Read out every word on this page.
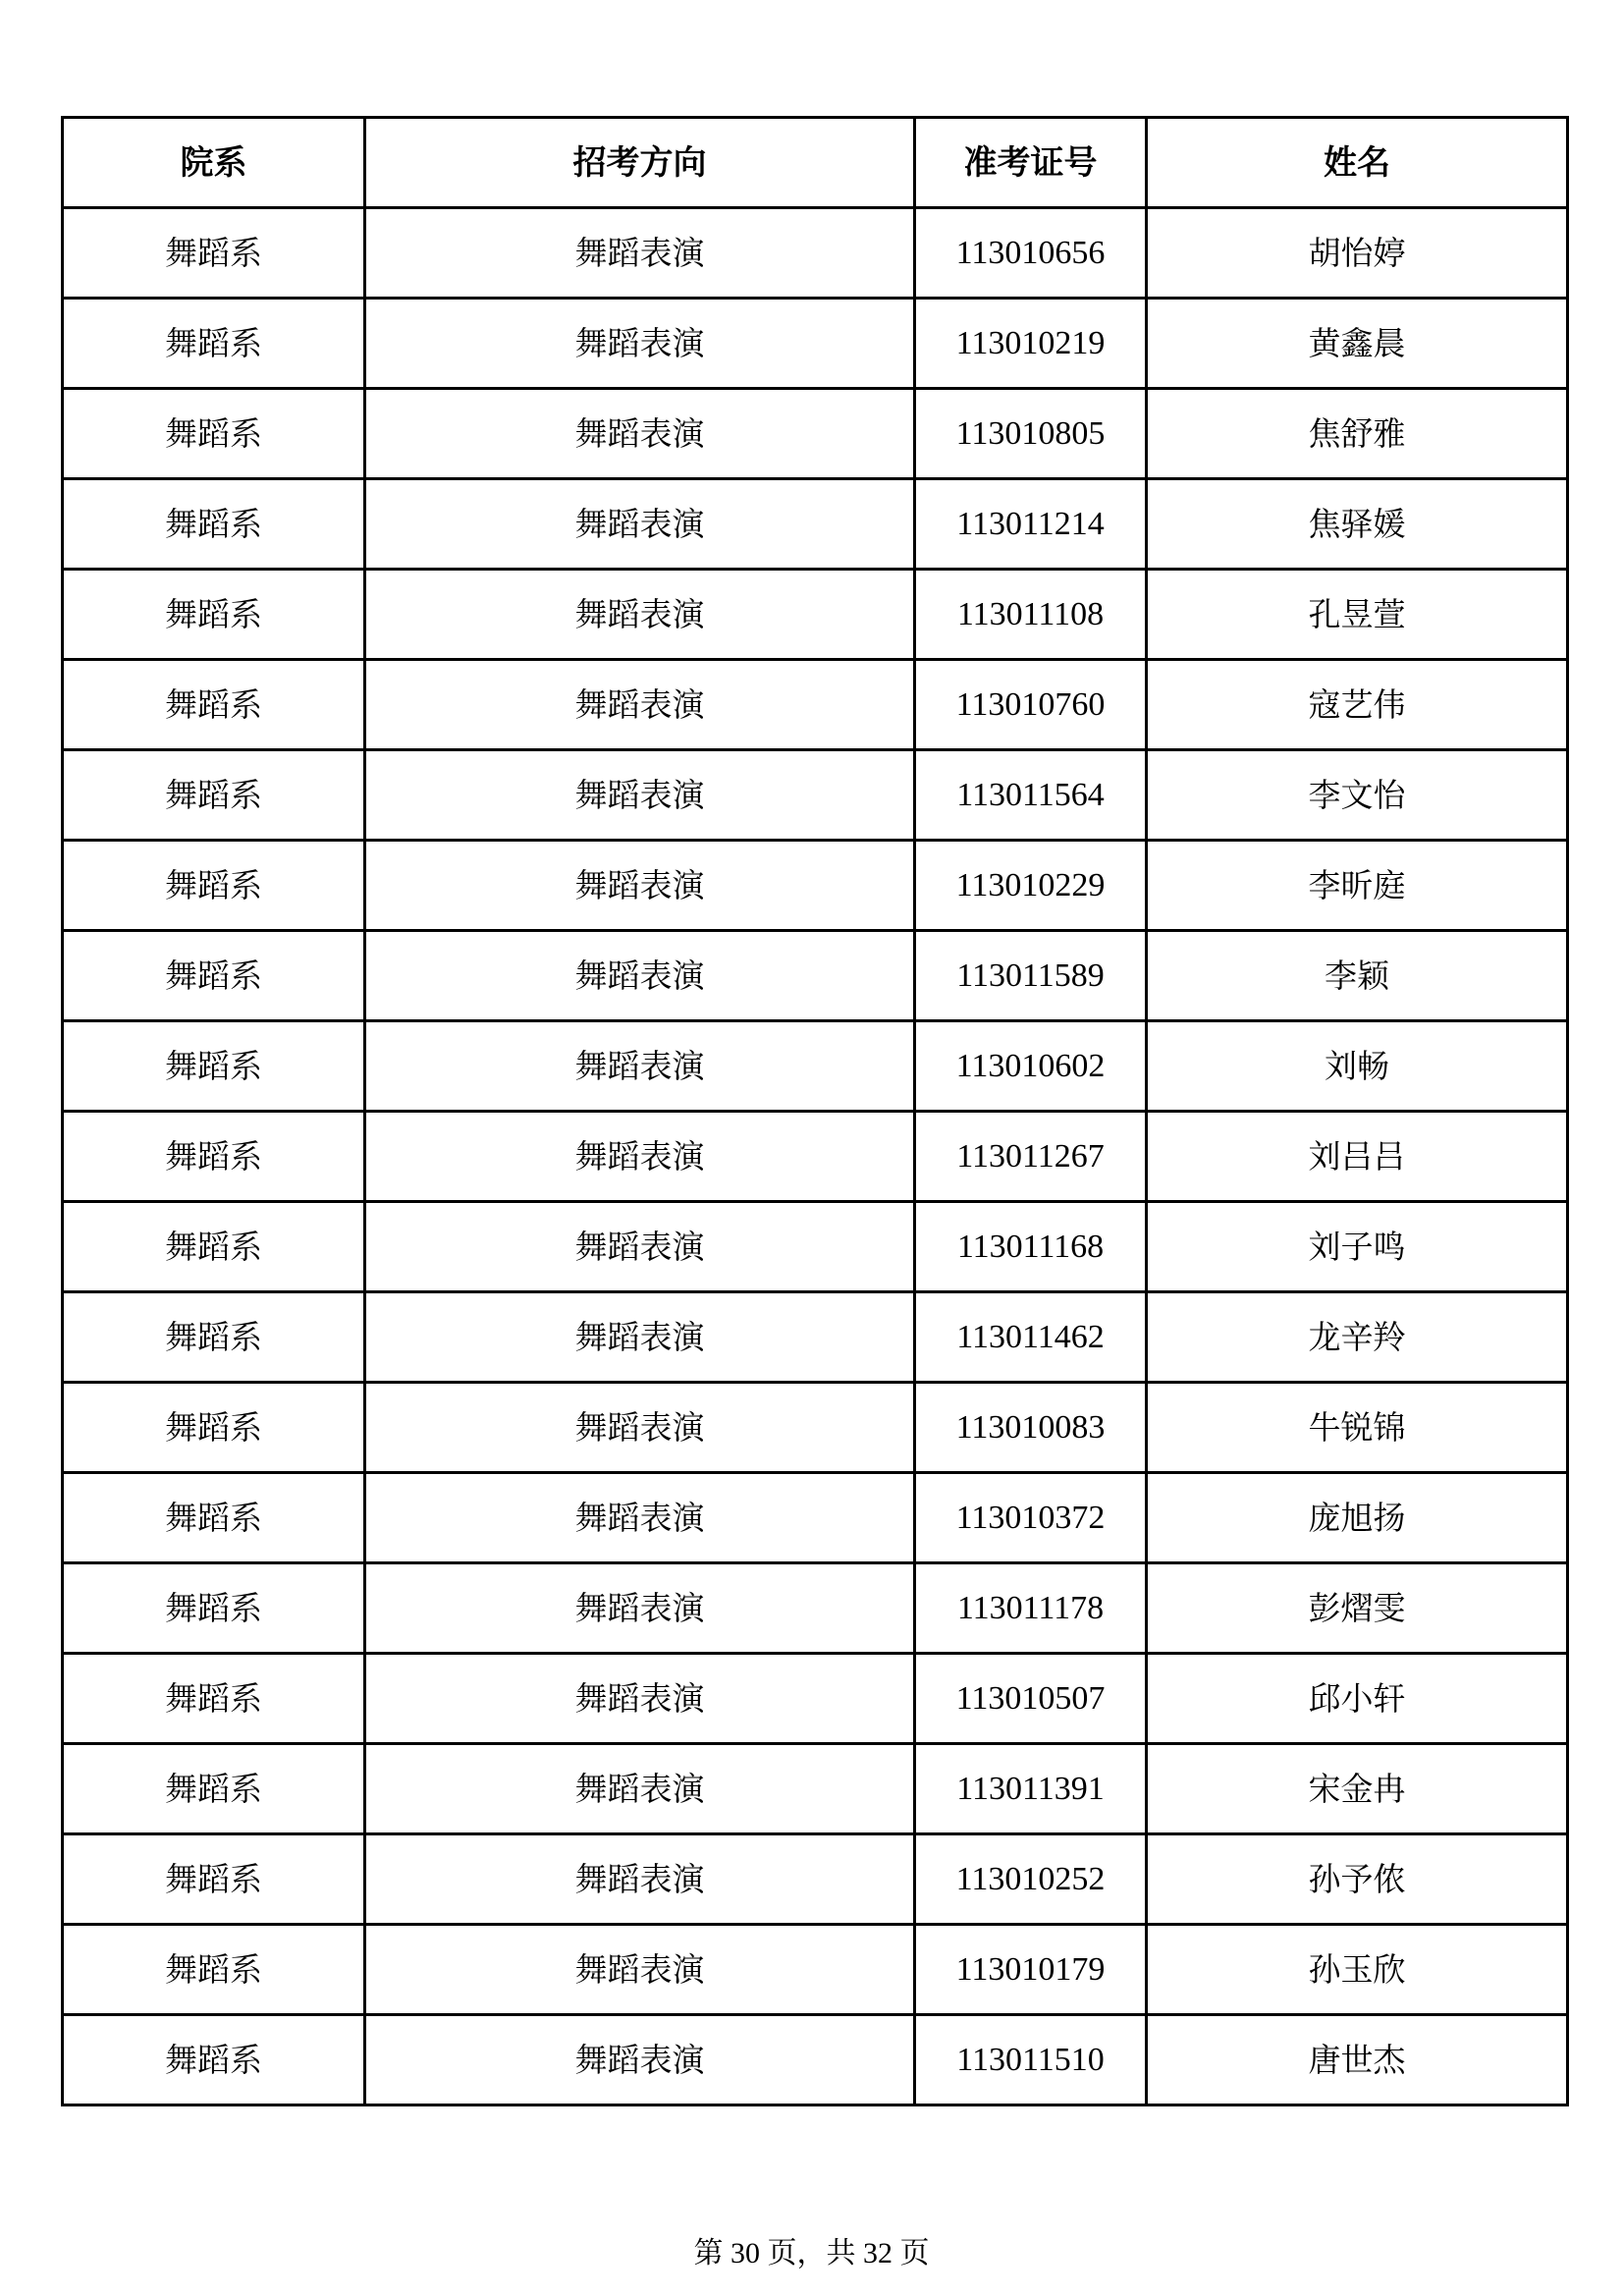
院系	招考方向	准考证号	姓名
舞蹈系	舞蹈表演	113010656	胡怡婷
舞蹈系	舞蹈表演	113010219	黄鑫晨
舞蹈系	舞蹈表演	113010805	焦舒雅
舞蹈系	舞蹈表演	113011214	焦驿媛
舞蹈系	舞蹈表演	113011108	孔昱萱
舞蹈系	舞蹈表演	113010760	寇艺伟
舞蹈系	舞蹈表演	113011564	李文怡
舞蹈系	舞蹈表演	113010229	李昕庭
舞蹈系	舞蹈表演	113011589	李颖
舞蹈系	舞蹈表演	113010602	刘畅
舞蹈系	舞蹈表演	113011267	刘吕吕
舞蹈系	舞蹈表演	113011168	刘子鸣
舞蹈系	舞蹈表演	113011462	龙辛羚
舞蹈系	舞蹈表演	113010083	牛锐锦
舞蹈系	舞蹈表演	113010372	庞旭扬
舞蹈系	舞蹈表演	113011178	彭熠雯
舞蹈系	舞蹈表演	113010507	邱小轩
舞蹈系	舞蹈表演	113011391	宋金冉
舞蹈系	舞蹈表演	113010252	孙予侬
舞蹈系	舞蹈表演	113010179	孙玉欣
舞蹈系	舞蹈表演	113011510	唐世杰
第 30 页，共 32 页
